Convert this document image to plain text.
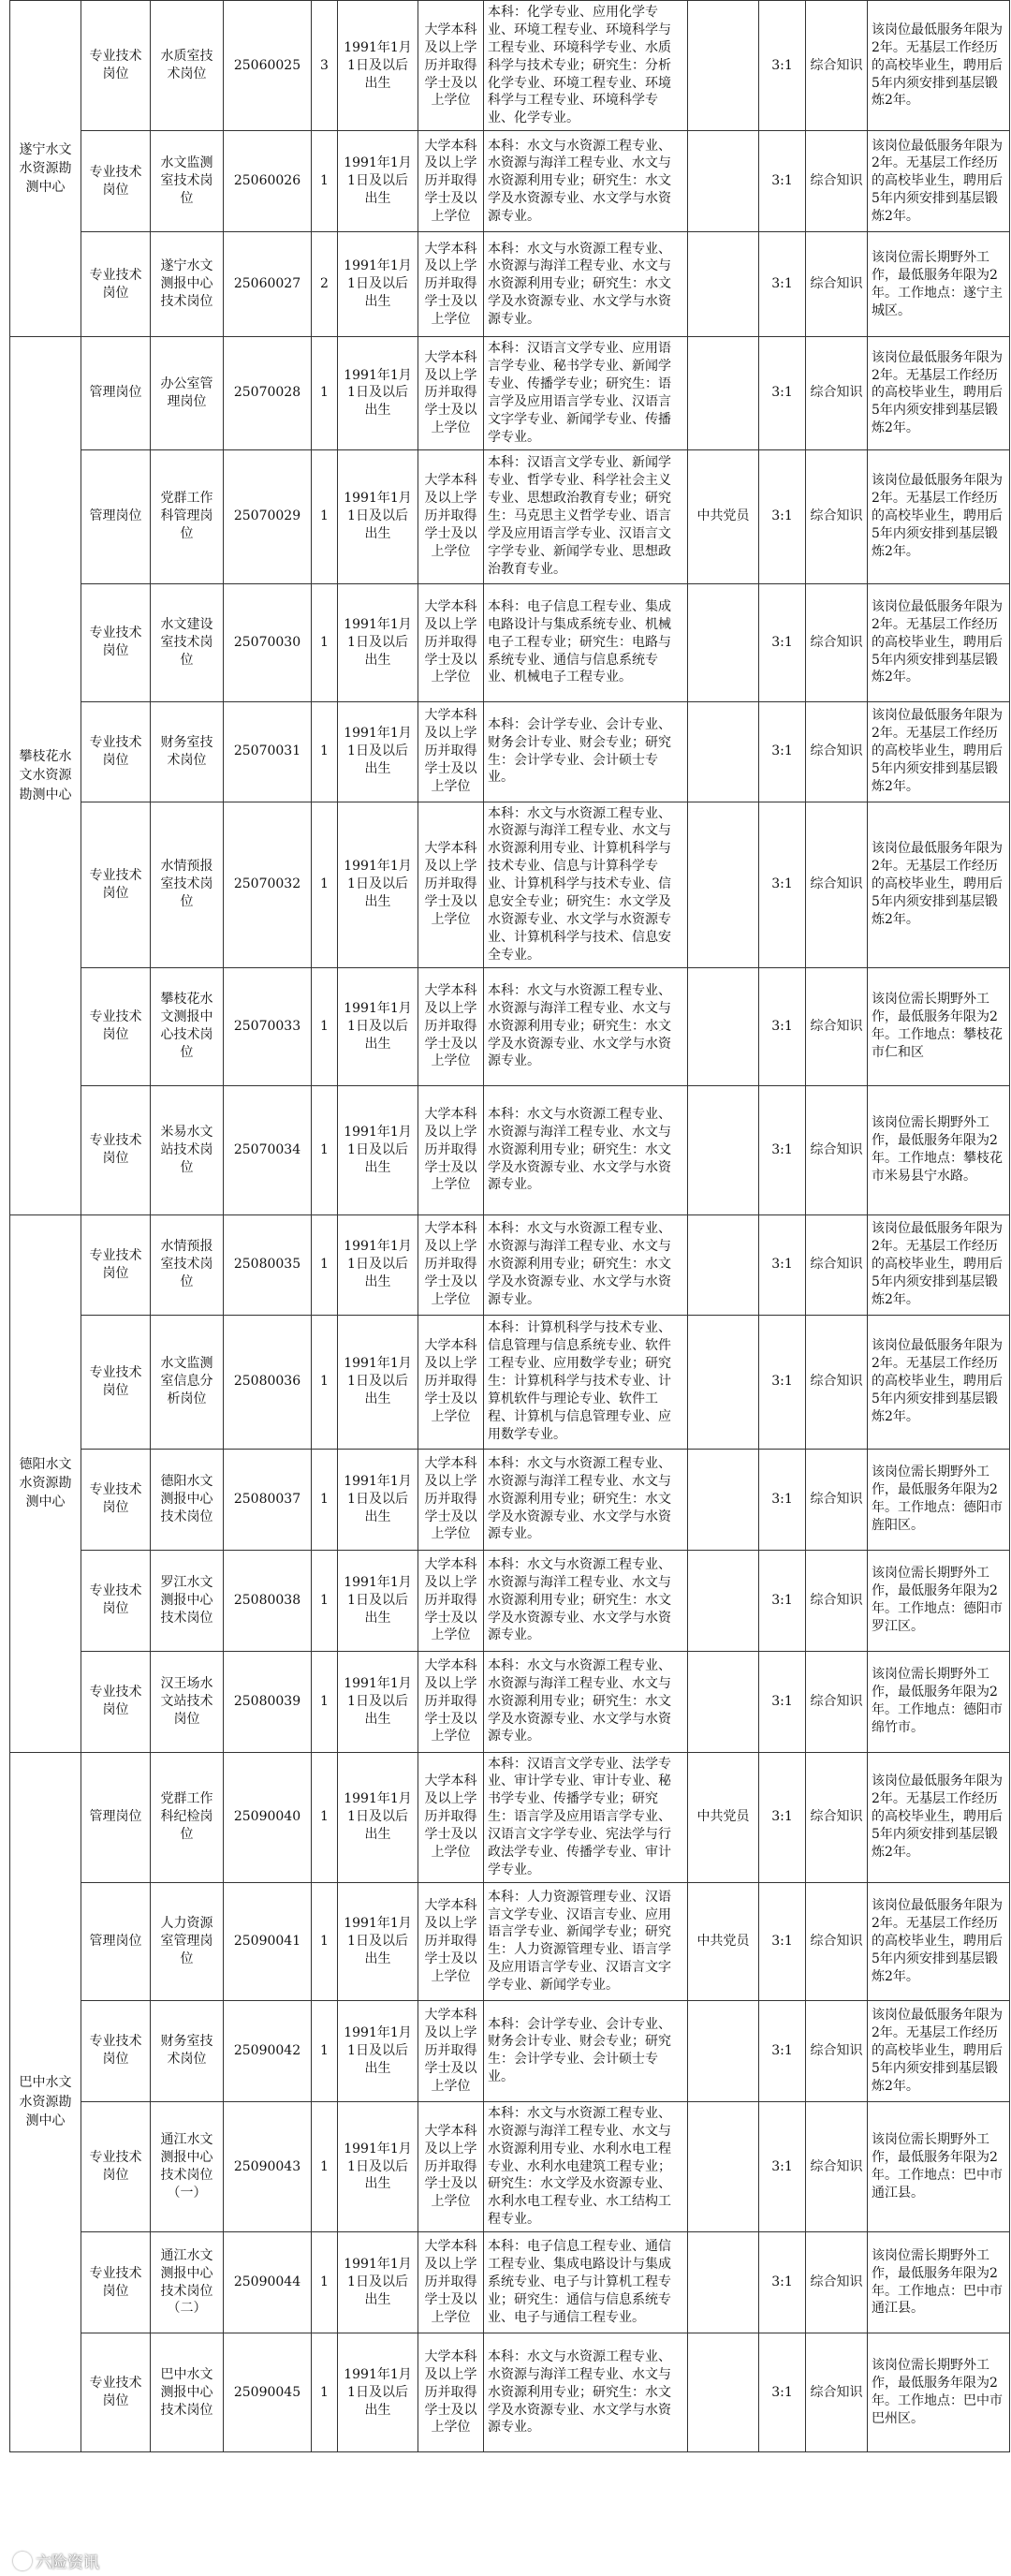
遂宁水文水资源勘测中心	专业技术岗位	水质室技术岗位	25060025	3	1991年1月1日及以后出生	大学本科及以上学历并取得学士及以上学位	本科：化学专业、应用化学专业、环境工程专业、环境科学与工程专业、环境科学专业、水质科学与技术专业；研究生：分析化学专业、环境工程专业、环境科学与工程专业、环境科学专业、化学专业。		3:1	综合知识	该岗位最低服务年限为2年。无基层工作经历的高校毕业生，聘用后5年内须安排到基层锻炼2年。
	专业技术岗位	水文监测室技术岗位	25060026	1	1991年1月1日及以后出生	大学本科及以上学历并取得学士及以上学位	本科：水文与水资源工程专业、水资源与海洋工程专业、水文与水资源利用专业；研究生：水文学及水资源专业、水文学与水资源专业。		3:1	综合知识	该岗位最低服务年限为2年。无基层工作经历的高校毕业生，聘用后5年内须安排到基层锻炼2年。
	专业技术岗位	遂宁水文测报中心技术岗位	25060027	2	1991年1月1日及以后出生	大学本科及以上学历并取得学士及以上学位	本科：水文与水资源工程专业、水资源与海洋工程专业、水文与水资源利用专业；研究生：水文学及水资源专业、水文学与水资源专业。		3:1	综合知识	该岗位需长期野外工作，最低服务年限为2年。工作地点：遂宁主城区。
攀枝花水文水资源勘测中心	管理岗位	办公室管理岗位	25070028	1	1991年1月1日及以后出生	大学本科及以上学历并取得学士及以上学位	本科：汉语言文学专业、应用语言学专业、秘书学专业、新闻学专业、传播学专业；研究生：语言学及应用语言学专业、汉语言文字学专业、新闻学专业、传播学专业。		3:1	综合知识	该岗位最低服务年限为2年。无基层工作经历的高校毕业生，聘用后5年内须安排到基层锻炼2年。
	管理岗位	党群工作科管理岗位	25070029	1	1991年1月1日及以后出生	大学本科及以上学历并取得学士及以上学位	本科：汉语言文学专业、新闻学专业、哲学专业、科学社会主义专业、思想政治教育专业；研究生：马克思主义哲学专业、语言学及应用语言学专业、汉语言文字学专业、新闻学专业、思想政治教育专业。	中共党员	3:1	综合知识	该岗位最低服务年限为2年。无基层工作经历的高校毕业生，聘用后5年内须安排到基层锻炼2年。
	专业技术岗位	水文建设室技术岗位	25070030	1	1991年1月1日及以后出生	大学本科及以上学历并取得学士及以上学位	本科：电子信息工程专业、集成电路设计与集成系统专业、机械电子工程专业；研究生：电路与系统专业、通信与信息系统专业、机械电子工程专业。		3:1	综合知识	该岗位最低服务年限为2年。无基层工作经历的高校毕业生，聘用后5年内须安排到基层锻炼2年。
	专业技术岗位	财务室技术岗位	25070031	1	1991年1月1日及以后出生	大学本科及以上学历并取得学士及以上学位	本科：会计学专业、会计专业、财务会计专业、财会专业；研究生：会计学专业、会计硕士专业。		3:1	综合知识	该岗位最低服务年限为2年。无基层工作经历的高校毕业生，聘用后5年内须安排到基层锻炼2年。
	专业技术岗位	水情预报室技术岗位	25070032	1	1991年1月1日及以后出生	大学本科及以上学历并取得学士及以上学位	本科：水文与水资源工程专业、水资源与海洋工程专业、水文与水资源利用专业、计算机科学与技术专业、信息与计算科学专业、计算机科学与技术专业、信息安全专业；研究生：水文学及水资源专业、水文学与水资源专业、计算机科学与技术、信息安全专业。		3:1	综合知识	该岗位最低服务年限为2年。无基层工作经历的高校毕业生，聘用后5年内须安排到基层锻炼2年。
	专业技术岗位	攀枝花水文测报中心技术岗位	25070033	1	1991年1月1日及以后出生	大学本科及以上学历并取得学士及以上学位	本科：水文与水资源工程专业、水资源与海洋工程专业、水文与水资源利用专业；研究生：水文学及水资源专业、水文学与水资源专业。		3:1	综合知识	该岗位需长期野外工作，最低服务年限为2年。工作地点：攀枝花市仁和区
	专业技术岗位	米易水文站技术岗位	25070034	1	1991年1月1日及以后出生	大学本科及以上学历并取得学士及以上学位	本科：水文与水资源工程专业、水资源与海洋工程专业、水文与水资源利用专业；研究生：水文学及水资源专业、水文学与水资源专业。		3:1	综合知识	该岗位需长期野外工作，最低服务年限为2年。工作地点：攀枝花市米易县宁水路。
德阳水文水资源勘测中心	专业技术岗位	水情预报室技术岗位	25080035	1	1991年1月1日及以后出生	大学本科及以上学历并取得学士及以上学位	本科：水文与水资源工程专业、水资源与海洋工程专业、水文与水资源利用专业；研究生：水文学及水资源专业、水文学与水资源专业。		3:1	综合知识	该岗位最低服务年限为2年。无基层工作经历的高校毕业生，聘用后5年内须安排到基层锻炼2年。
	专业技术岗位	水文监测室信息分析岗位	25080036	1	1991年1月1日及以后出生	大学本科及以上学历并取得学士及以上学位	本科：计算机科学与技术专业、信息管理与信息系统专业、软件工程专业、应用数学专业；研究生：计算机科学与技术专业、计算机软件与理论专业、软件工程、计算机与信息管理专业、应用数学专业。		3:1	综合知识	该岗位最低服务年限为2年。无基层工作经历的高校毕业生，聘用后5年内须安排到基层锻炼2年。
	专业技术岗位	德阳水文测报中心技术岗位	25080037	1	1991年1月1日及以后出生	大学本科及以上学历并取得学士及以上学位	本科：水文与水资源工程专业、水资源与海洋工程专业、水文与水资源利用专业；研究生：水文学及水资源专业、水文学与水资源专业。		3:1	综合知识	该岗位需长期野外工作，最低服务年限为2年。工作地点：德阳市旌阳区。
	专业技术岗位	罗江水文测报中心技术岗位	25080038	1	1991年1月1日及以后出生	大学本科及以上学历并取得学士及以上学位	本科：水文与水资源工程专业、水资源与海洋工程专业、水文与水资源利用专业；研究生：水文学及水资源专业、水文学与水资源专业。		3:1	综合知识	该岗位需长期野外工作，最低服务年限为2年。工作地点：德阳市罗江区。
	专业技术岗位	汉王场水文站技术岗位	25080039	1	1991年1月1日及以后出生	大学本科及以上学历并取得学士及以上学位	本科：水文与水资源工程专业、水资源与海洋工程专业、水文与水资源利用专业；研究生：水文学及水资源专业、水文学与水资源专业。		3:1	综合知识	该岗位需长期野外工作，最低服务年限为2年。工作地点：德阳市绵竹市。
巴中水文水资源勘测中心	管理岗位	党群工作科纪检岗位	25090040	1	1991年1月1日及以后出生	大学本科及以上学历并取得学士及以上学位	本科：汉语言文学专业、法学专业、审计学专业、审计专业、秘书学专业、传播学专业；研究生：语言学及应用语言学专业、汉语言文字学专业、宪法学与行政法学专业、传播学专业、审计学专业。	中共党员	3:1	综合知识	该岗位最低服务年限为2年。无基层工作经历的高校毕业生，聘用后5年内须安排到基层锻炼2年。
	管理岗位	人力资源室管理岗位	25090041	1	1991年1月1日及以后出生	大学本科及以上学历并取得学士及以上学位	本科：人力资源管理专业、汉语言文学专业、汉语言专业、应用语言学专业、新闻学专业；研究生：人力资源管理专业、语言学及应用语言学专业、汉语言文字学专业、新闻学专业。	中共党员	3:1	综合知识	该岗位最低服务年限为2年。无基层工作经历的高校毕业生，聘用后5年内须安排到基层锻炼2年。
	专业技术岗位	财务室技术岗位	25090042	1	1991年1月1日及以后出生	大学本科及以上学历并取得学士及以上学位	本科：会计学专业、会计专业、财务会计专业、财会专业；研究生：会计学专业、会计硕士专业。		3:1	综合知识	该岗位最低服务年限为2年。无基层工作经历的高校毕业生，聘用后5年内须安排到基层锻炼2年。
	专业技术岗位	通江水文测报中心技术岗位（一）	25090043	1	1991年1月1日及以后出生	大学本科及以上学历并取得学士及以上学位	本科：水文与水资源工程专业、水资源与海洋工程专业、水文与水资源利用专业、水利水电工程专业、水利水电建筑工程专业；研究生：水文学及水资源专业、水利水电工程专业、水工结构工程专业。		3:1	综合知识	该岗位需长期野外工作，最低服务年限为2年。工作地点：巴中市通江县。
	专业技术岗位	通江水文测报中心技术岗位（二）	25090044	1	1991年1月1日及以后出生	大学本科及以上学历并取得学士及以上学位	本科：电子信息工程专业、通信工程专业、集成电路设计与集成系统专业、电子与计算机工程专业；研究生：通信与信息系统专业、电子与通信工程专业。		3:1	综合知识	该岗位需长期野外工作，最低服务年限为2年。工作地点：巴中市通江县。
	专业技术岗位	巴中水文测报中心技术岗位	25090045	1	1991年1月1日及以后出生	大学本科及以上学历并取得学士及以上学位	本科：水文与水资源工程专业、水资源与海洋工程专业、水文与水资源利用专业；研究生：水文学及水资源专业、水文学与水资源专业。		3:1	综合知识	该岗位需长期野外工作，最低服务年限为2年。工作地点：巴中市巴州区。
六险资讯
